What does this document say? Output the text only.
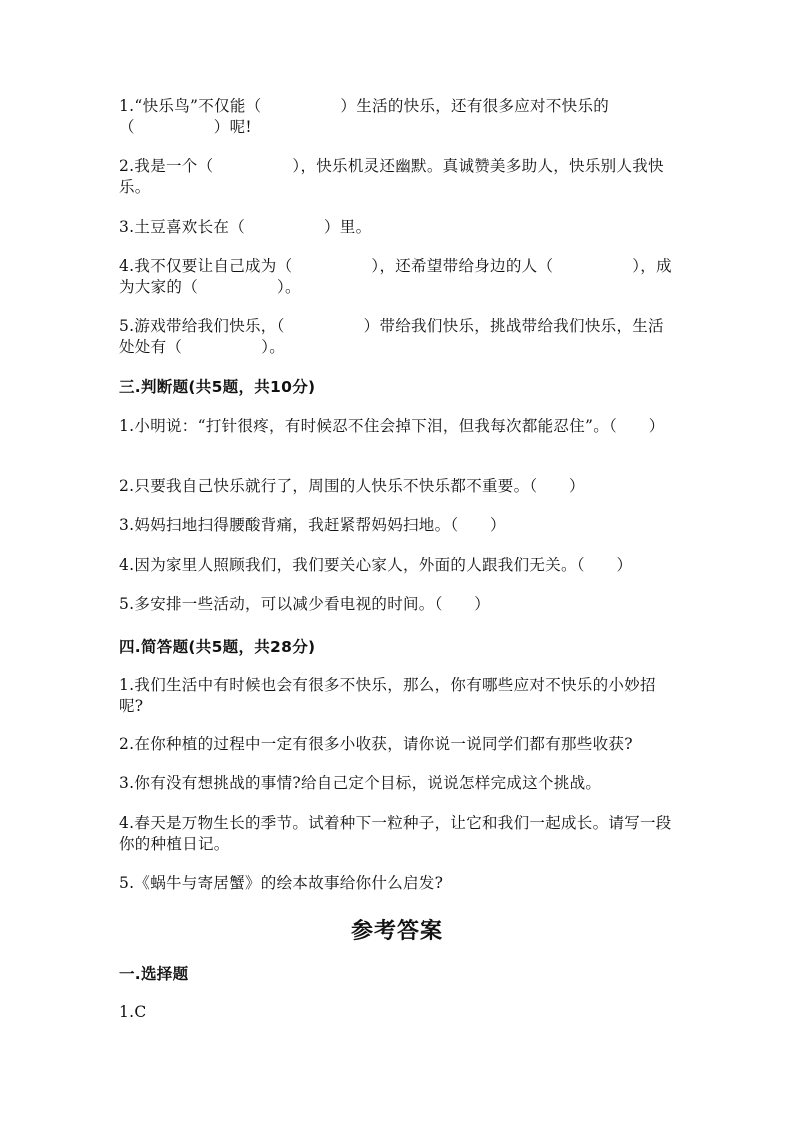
1.“快乐鸟”不仅能（　　　　　）生活的快乐，还有很多应对不快乐的（　　　　　）呢!
2.我是一个（　　　　　），快乐机灵还幽默。真诚赞美多助人，快乐别人我快乐。
3.土豆喜欢长在（　　　　　）里。
4.我不仅要让自己成为（　　　　　），还希望带给身边的人（　　　　　），成为大家的（　　　　　）。
5.游戏带给我们快乐，（　　　　　）带给我们快乐，挑战带给我们快乐，生活处处有（　　　　　）。
三.判断题(共5题，共10分)
1.小明说：“打针很疼，有时候忍不住会掉下泪，但我每次都能忍住”。（　　）
2.只要我自己快乐就行了，周围的人快乐不快乐都不重要。（　　）
3.妈妈扫地扫得腰酸背痛，我赶紧帮妈妈扫地。（　　）
4.因为家里人照顾我们，我们要关心家人，外面的人跟我们无关。（　　）
5.多安排一些活动，可以减少看电视的时间。（　　）
四.简答题(共5题，共28分)
1.我们生活中有时候也会有很多不快乐，那么，你有哪些应对不快乐的小妙招呢?
2.在你种植的过程中一定有很多小收获，请你说一说同学们都有那些收获?
3.你有没有想挑战的事情?给自己定个目标，说说怎样完成这个挑战。
4.春天是万物生长的季节。试着种下一粒种子，让它和我们一起成长。请写一段你的种植日记。
5.《蜗牛与寄居蟹》的绘本故事给你什么启发?
参考答案
一.选择题
1.C
